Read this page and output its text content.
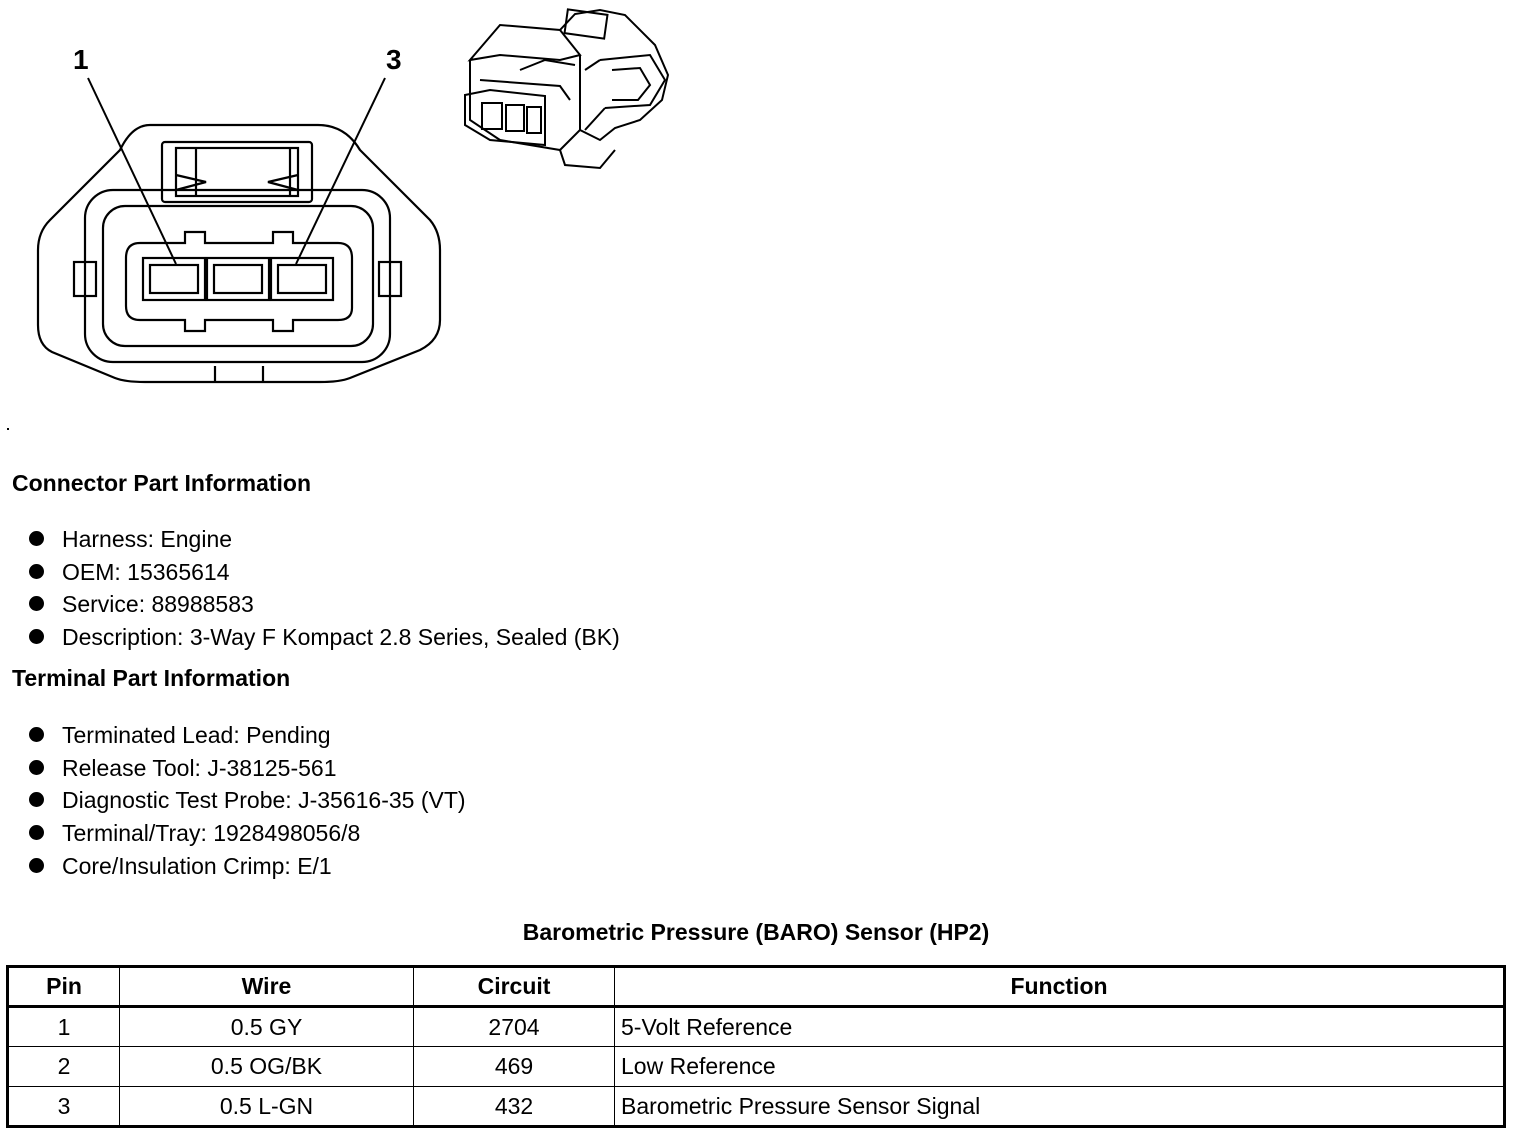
1	3
Connector Part Information
Harness: Engine
OEM: 15365614
Service: 88988583
Description: 3-Way F Kompact 2.8 Series, Sealed (BK)
Terminal Part Information
Terminated Lead: Pending
Release Tool: J-38125-561
Diagnostic Test Probe: J-35616-35 (VT)
Terminal/Tray: 1928498056/8
Core/Insulation Crimp: E/1
Barometric Pressure (BARO) Sensor (HP2)
Pin	Wire	Circuit	Function
1	0.5 GY	2704	5-Volt Reference
2	0.5 OG/BK	469	Low Reference
3	0.5 L-GN	432	Barometric Pressure Sensor Signal
